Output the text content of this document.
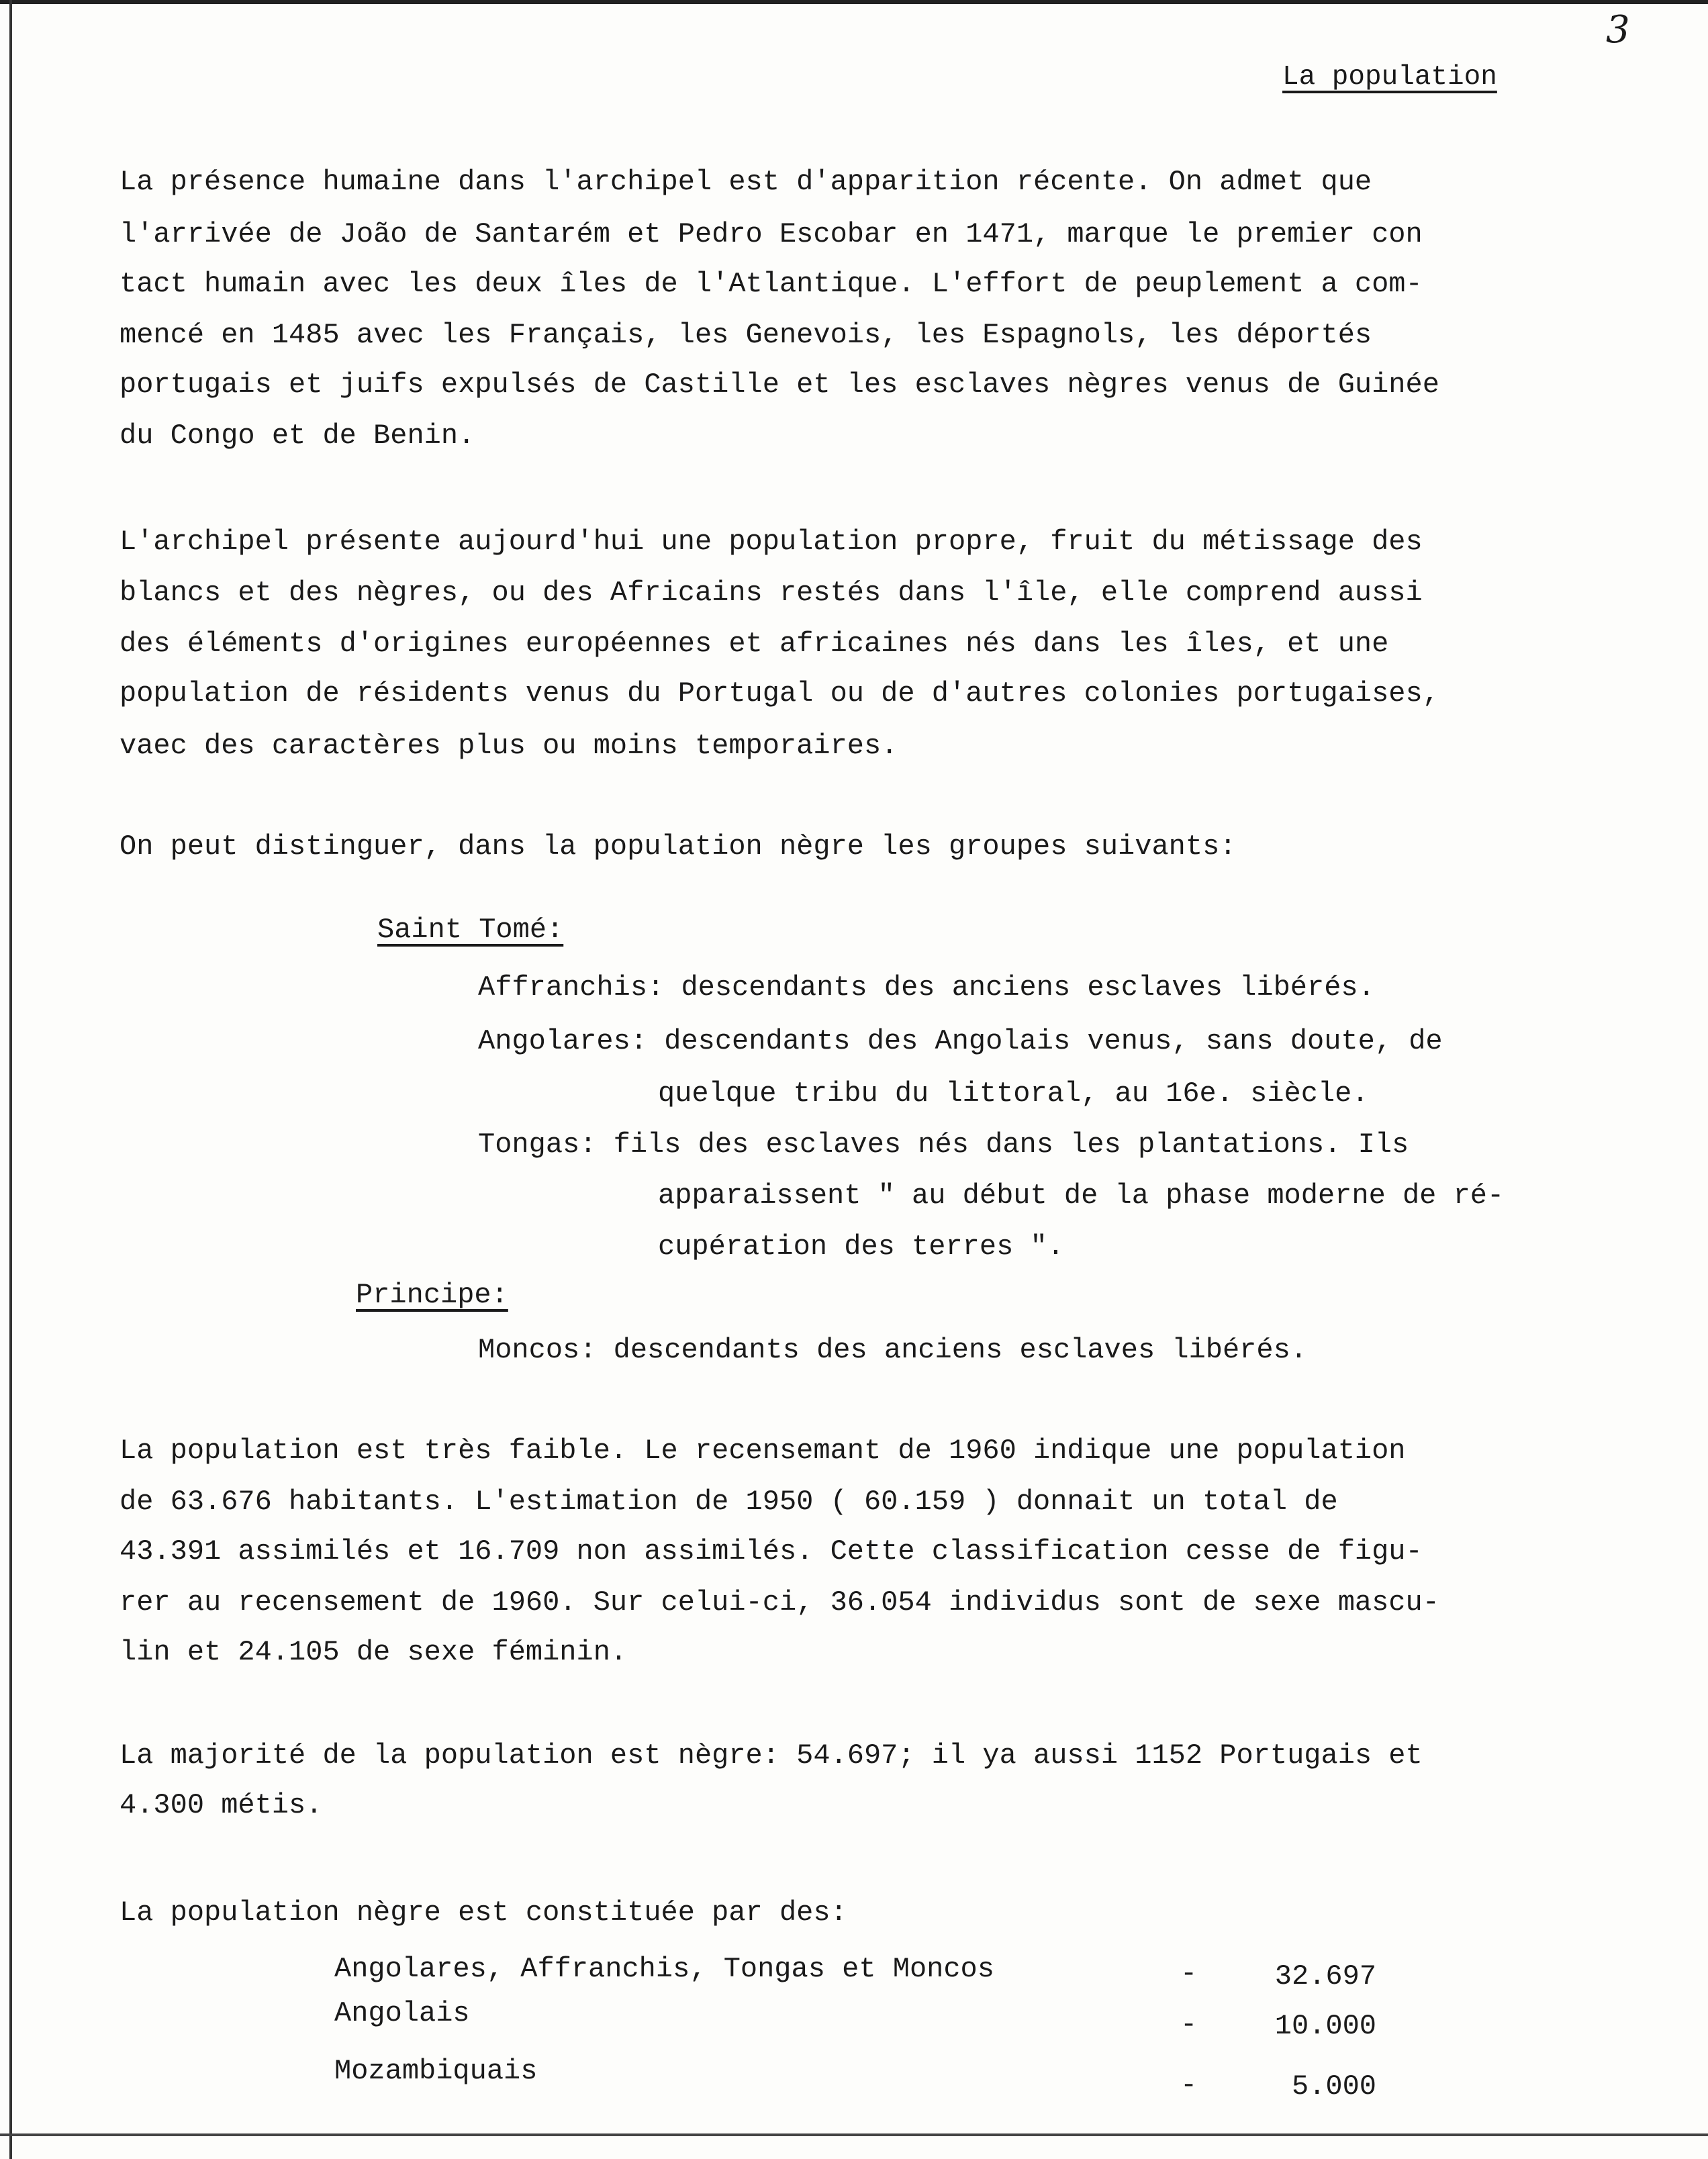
3
La population
La présence humaine dans l'archipel est d'apparition récente. On admet que
l'arrivée de João de Santarém et Pedro Escobar en 1471, marque le premier con
tact humain avec les deux îles de l'Atlantique. L'effort de peuplement a com-
mencé en 1485 avec les Français, les Genevois, les Espagnols, les déportés
portugais et juifs expulsés de Castille et les esclaves nègres venus de Guinée
du Congo et de Benin.
L'archipel présente aujourd'hui une population propre, fruit du métissage des
blancs et des nègres, ou des Africains restés dans l'île, elle comprend aussi
des éléments d'origines européennes et africaines nés dans les îles, et une
population de résidents venus du Portugal ou de d'autres colonies portugaises,
vaec des caractères plus ou moins temporaires.
On peut distinguer, dans la population nègre les groupes suivants:
Saint Tomé:
Affranchis: descendants des anciens esclaves libérés.
Angolares: descendants des Angolais venus, sans doute, de
quelque tribu du littoral, au 16e. siècle.
Tongas: fils des esclaves nés dans les plantations. Ils
apparaissent " au début de la phase moderne de ré-
cupération des terres ".
Principe:
Moncos: descendants des anciens esclaves libérés.
La population est très faible. Le recensemant de 1960 indique une population
de 63.676 habitants. L'estimation de 1950 ( 60.159 ) donnait un total de
43.391 assimilés et 16.709 non assimilés. Cette classification cesse de figu-
rer au recensement de 1960. Sur celui-ci, 36.054 individus sont de sexe mascu-
lin et 24.105 de sexe féminin.
La majorité de la population est nègre: 54.697; il ya aussi 1152 Portugais et
4.300 métis.
La population nègre est constituée par des:
Angolares, Affranchis, Tongas et Moncos	-	32.697
Angolais	-	10.000
Mozambiquais	-	5.000
